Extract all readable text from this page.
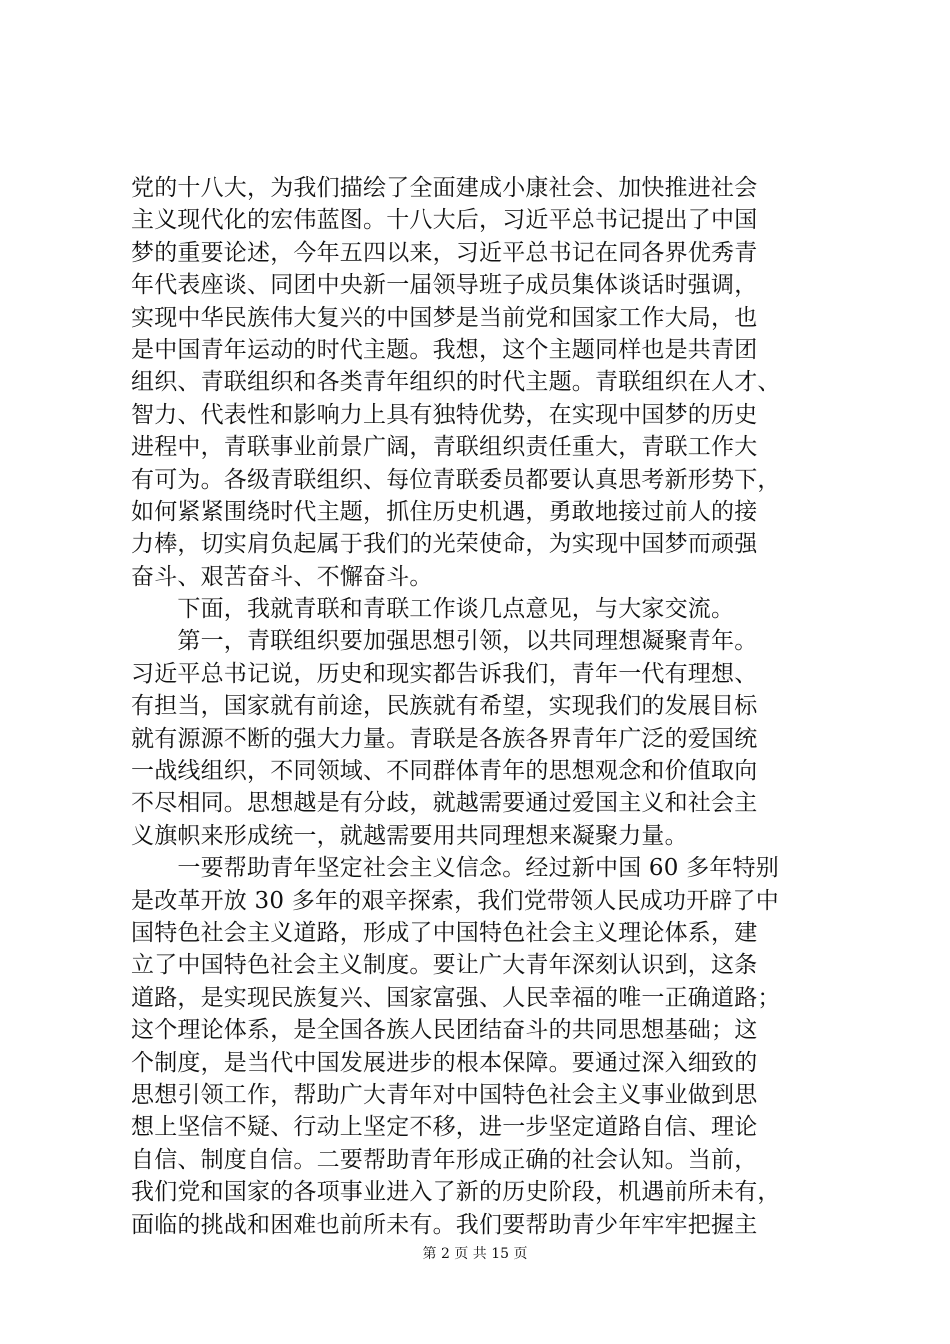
党的十八大，为我们描绘了全面建成小康社会、加快推进社会
主义现代化的宏伟蓝图。十八大后，习近平总书记提出了中国
梦的重要论述，今年五四以来，习近平总书记在同各界优秀青
年代表座谈、同团中央新一届领导班子成员集体谈话时强调，
实现中华民族伟大复兴的中国梦是当前党和国家工作大局，也
是中国青年运动的时代主题。我想，这个主题同样也是共青团
组织、青联组织和各类青年组织的时代主题。青联组织在人才、
智力、代表性和影响力上具有独特优势，在实现中国梦的历史
进程中，青联事业前景广阔，青联组织责任重大，青联工作大
有可为。各级青联组织、每位青联委员都要认真思考新形势下，
如何紧紧围绕时代主题，抓住历史机遇，勇敢地接过前人的接
力棒，切实肩负起属于我们的光荣使命，为实现中国梦而顽强
奋斗、艰苦奋斗、不懈奋斗。
　　下面，我就青联和青联工作谈几点意见，与大家交流。
　　第一，青联组织要加强思想引领，以共同理想凝聚青年。
习近平总书记说，历史和现实都告诉我们，青年一代有理想、
有担当，国家就有前途，民族就有希望，实现我们的发展目标
就有源源不断的强大力量。青联是各族各界青年广泛的爱国统
一战线组织，不同领域、不同群体青年的思想观念和价值取向
不尽相同。思想越是有分歧，就越需要通过爱国主义和社会主
义旗帜来形成统一，就越需要用共同理想来凝聚力量。
　　一要帮助青年坚定社会主义信念。经过新中国 60 多年特别
是改革开放 30 多年的艰辛探索，我们党带领人民成功开辟了中
国特色社会主义道路，形成了中国特色社会主义理论体系，建
立了中国特色社会主义制度。要让广大青年深刻认识到，这条
道路，是实现民族复兴、国家富强、人民幸福的唯一正确道路；
这个理论体系，是全国各族人民团结奋斗的共同思想基础；这
个制度，是当代中国发展进步的根本保障。要通过深入细致的
思想引领工作，帮助广大青年对中国特色社会主义事业做到思
想上坚信不疑、行动上坚定不移，进一步坚定道路自信、理论
自信、制度自信。二要帮助青年形成正确的社会认知。当前，
我们党和国家的各项事业进入了新的历史阶段，机遇前所未有，
面临的挑战和困难也前所未有。我们要帮助青少年牢牢把握主
第 2 页 共 15 页
